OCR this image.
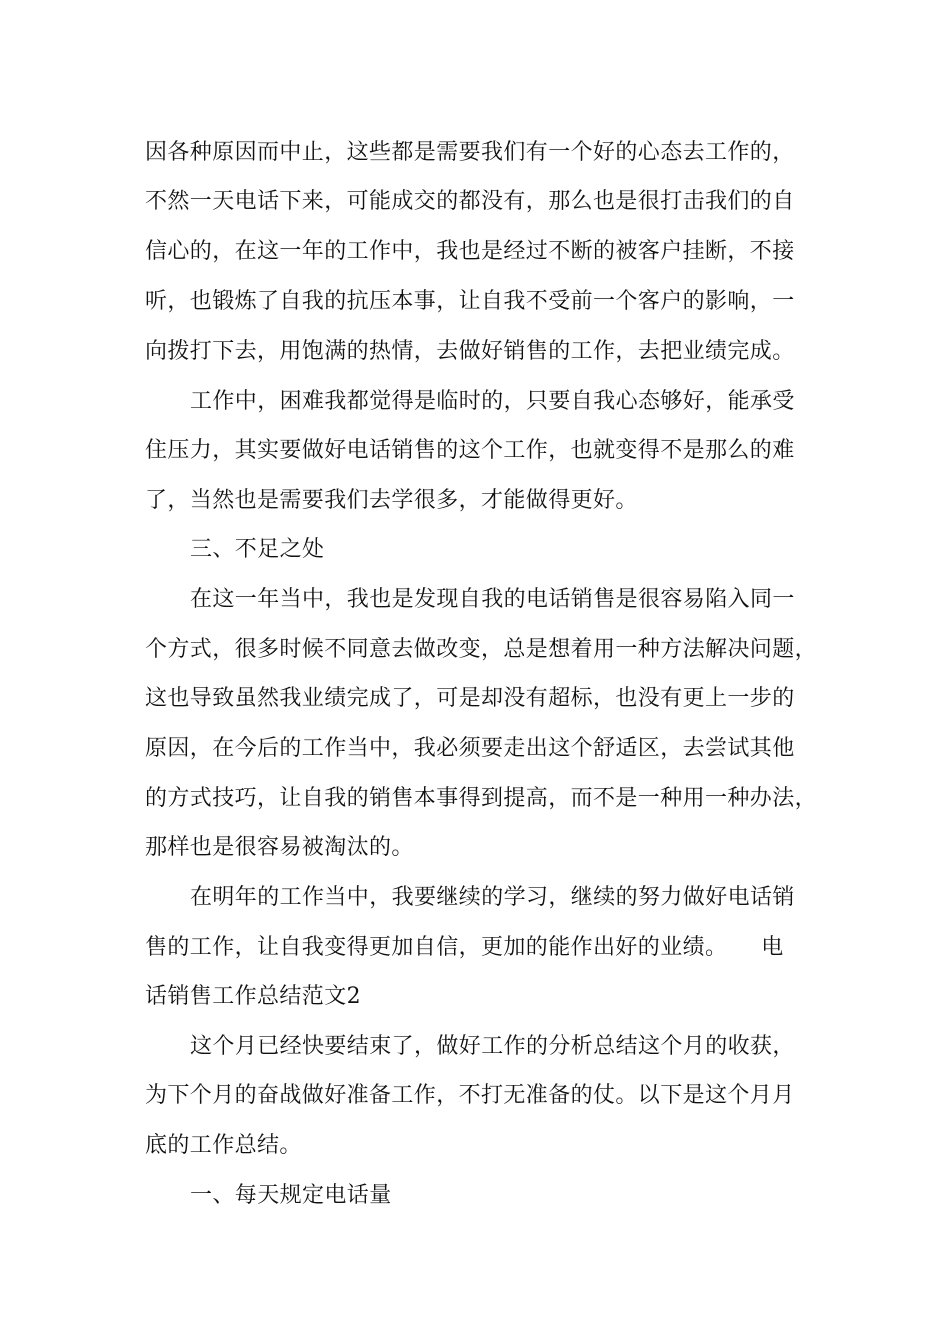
因各种原因而中止，这些都是需要我们有一个好的心态去工作的，
不然一天电话下来，可能成交的都没有，那么也是很打击我们的自
信心的，在这一年的工作中，我也是经过不断的被客户挂断，不接
听，也锻炼了自我的抗压本事，让自我不受前一个客户的影响，一
向拨打下去，用饱满的热情，去做好销售的工作，去把业绩完成。
工作中，困难我都觉得是临时的，只要自我心态够好，能承受
住压力，其实要做好电话销售的这个工作，也就变得不是那么的难
了，当然也是需要我们去学很多，才能做得更好。
三、不足之处
在这一年当中，我也是发现自我的电话销售是很容易陷入同一
个方式，很多时候不同意去做改变，总是想着用一种方法解决问题，
这也导致虽然我业绩完成了，可是却没有超标，也没有更上一步的
原因，在今后的工作当中，我必须要走出这个舒适区，去尝试其他
的方式技巧，让自我的销售本事得到提高，而不是一种用一种办法，
那样也是很容易被淘汰的。
在明年的工作当中，我要继续的学习，继续的努力做好电话销
售的工作，让自我变得更加自信，更加的能作出好的业绩。　　电
话销售工作总结范文2
这个月已经快要结束了，做好工作的分析总结这个月的收获，
为下个月的奋战做好准备工作，不打无准备的仗。以下是这个月月
底的工作总结。
一、每天规定电话量
